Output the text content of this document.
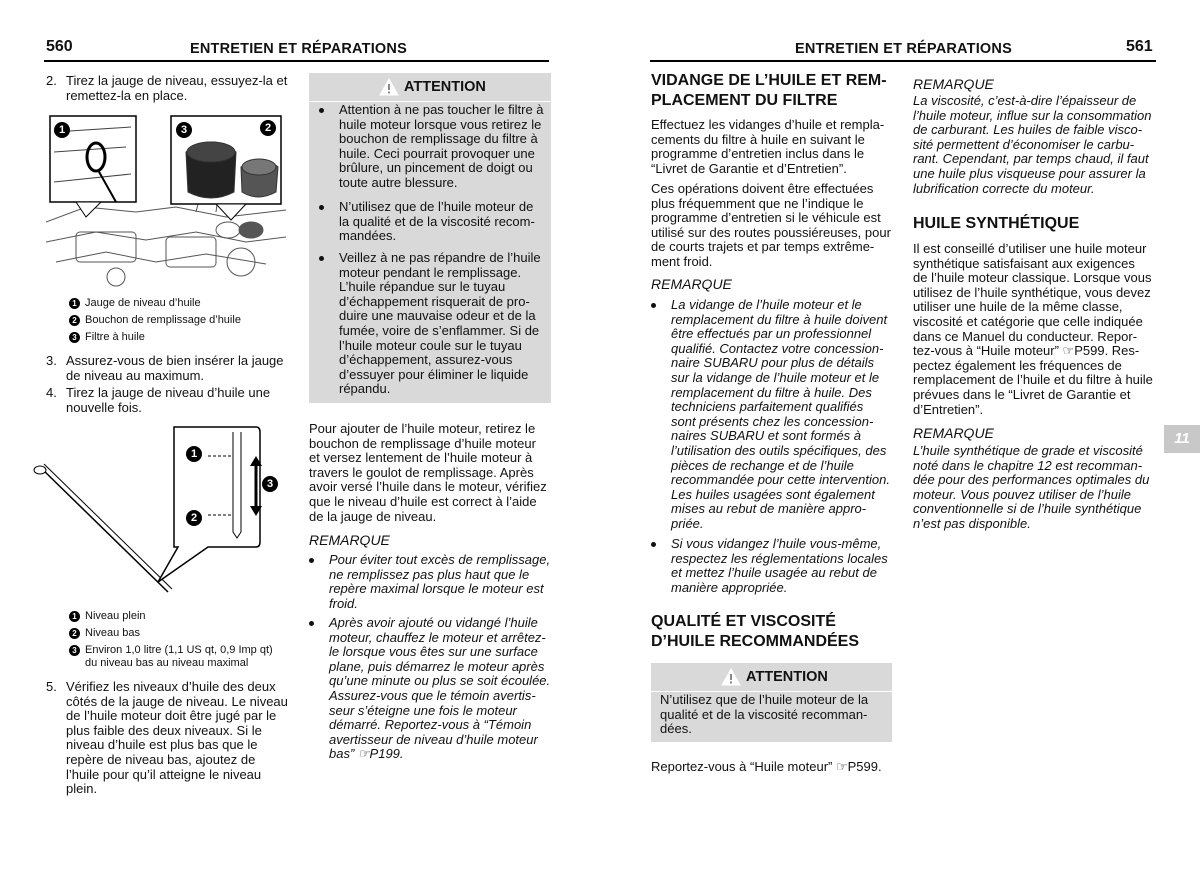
560	ENTRETIEN ET RÉPARATIONS	ENTRETIEN ET RÉPARATIONS	561
2. Tirez la jauge de niveau, essuyez-la et
remettez-la en place.
1	3	2
1 Jauge de niveau d’huile
2 Bouchon de remplissage d’huile
3 Filtre à huile
3. Assurez-vous de bien insérer la jauge
de niveau au maximum.
4. Tirez la jauge de niveau d’huile une
nouvelle fois.
1
2
3
1 Niveau plein
2 Niveau bas
3 Environ 1,0 litre (1,1 US qt, 0,9 Imp qt)
du niveau bas au niveau maximal
5. Vérifiez les niveaux d’huile des deux
côtés de la jauge de niveau. Le niveau
de l’huile moteur doit être jugé par le
plus faible des deux niveaux. Si le
niveau d’huile est plus bas que le
repère de niveau bas, ajoutez de
l’huile pour qu’il atteigne le niveau
plein.
ATTENTION
Attention à ne pas toucher le filtre à
huile moteur lorsque vous retirez le
bouchon de remplissage du filtre à
huile. Ceci pourrait provoquer une
brûlure, un pincement de doigt ou
toute autre blessure.
N’utilisez que de l’huile moteur de
la qualité et de la viscosité recom-
mandées.
Veillez à ne pas répandre de l’huile
moteur pendant le remplissage.
L’huile répandue sur le tuyau
d’échappement risquerait de pro-
duire une mauvaise odeur et de la
fumée, voire de s’enflammer. Si de
l’huile moteur coule sur le tuyau
d’échappement, assurez-vous
d’essuyer pour éliminer le liquide
répandu.
Pour ajouter de l’huile moteur, retirez le
bouchon de remplissage d’huile moteur
et versez lentement de l’huile moteur à
travers le goulot de remplissage. Après
avoir versé l’huile dans le moteur, vérifiez
que le niveau d’huile est correct à l’aide
de la jauge de niveau.
REMARQUE
Pour éviter tout excès de remplissage,
ne remplissez pas plus haut que le
repère maximal lorsque le moteur est
froid.
Après avoir ajouté ou vidangé l’huile
moteur, chauffez le moteur et arrêtez-
le lorsque vous êtes sur une surface
plane, puis démarrez le moteur après
qu’une minute ou plus se soit écoulée.
Assurez-vous que le témoin avertis-
seur s’éteigne une fois le moteur
démarré. Reportez-vous à “Témoin
avertisseur de niveau d’huile moteur
bas” ☞P199.
VIDANGE DE L’HUILE ET REM-
PLACEMENT DU FILTRE
Effectuez les vidanges d’huile et rempla-
cements du filtre à huile en suivant le
programme d’entretien inclus dans le
“Livret de Garantie et d’Entretien”.
Ces opérations doivent être effectuées
plus fréquemment que ne l’indique le
programme d’entretien si le véhicule est
utilisé sur des routes poussiéreuses, pour
de courts trajets et par temps extrême-
ment froid.
REMARQUE
La vidange de l’huile moteur et le
remplacement du filtre à huile doivent
être effectués par un professionnel
qualifié. Contactez votre concession-
naire SUBARU pour plus de détails
sur la vidange de l’huile moteur et le
remplacement du filtre à huile. Des
techniciens parfaitement qualifiés
sont présents chez les concession-
naires SUBARU et sont formés à
l’utilisation des outils spécifiques, des
pièces de rechange et de l’huile
recommandée pour cette intervention.
Les huiles usagées sont également
mises au rebut de manière appro-
priée.
Si vous vidangez l’huile vous-même,
respectez les réglementations locales
et mettez l’huile usagée au rebut de
manière appropriée.
QUALITÉ ET VISCOSITÉ
D’HUILE RECOMMANDÉES
ATTENTION
N’utilisez que de l’huile moteur de la
qualité et de la viscosité recomman-
dées.
Reportez-vous à “Huile moteur” ☞P599.
REMARQUE
La viscosité, c’est-à-dire l’épaisseur de
l’huile moteur, influe sur la consommation
de carburant. Les huiles de faible visco-
sité permettent d’économiser le carbu-
rant. Cependant, par temps chaud, il faut
une huile plus visqueuse pour assurer la
lubrification correcte du moteur.
HUILE SYNTHÉTIQUE
Il est conseillé d’utiliser une huile moteur
synthétique satisfaisant aux exigences
de l’huile moteur classique. Lorsque vous
utilisez de l’huile synthétique, vous devez
utiliser une huile de la même classe,
viscosité et catégorie que celle indiquée
dans ce Manuel du conducteur. Repor-
tez-vous à “Huile moteur” ☞P599. Res-
pectez également les fréquences de
remplacement de l’huile et du filtre à huile
prévues dans le “Livret de Garantie et
d’Entretien”.
REMARQUE
L’huile synthétique de grade et viscosité
noté dans le chapitre 12 est recomman-
dée pour des performances optimales du
moteur. Vous pouvez utiliser de l’huile
conventionnelle si de l’huile synthétique
n’est pas disponible.
11
